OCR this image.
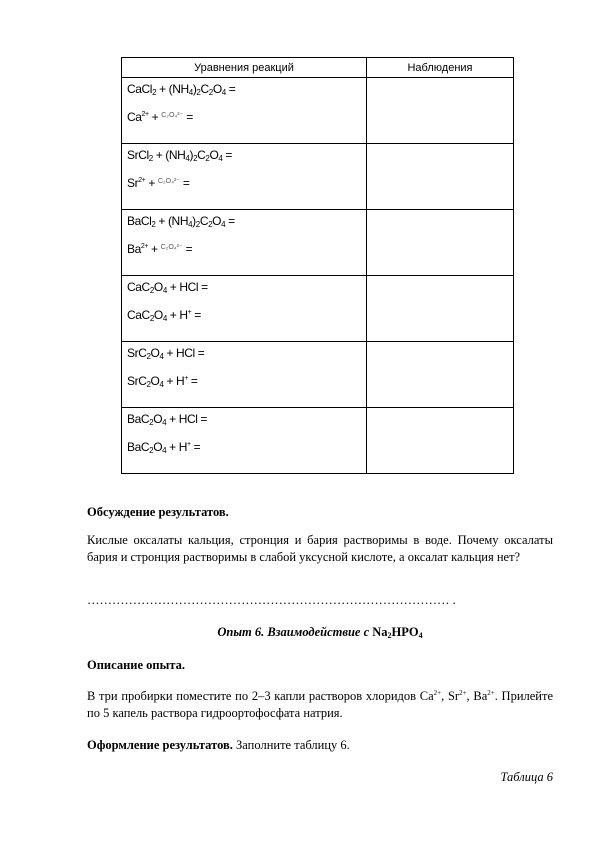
Уравнения реакций	Наблюдения

CaCl$_2$ + $(NH_4)_2C_2O_4$ =
$Ca^{2+} + ^{C_2O_4^{2-}}$ =	

SrCl$_2$ + $(NH_4)_2C_2O_4$ =
$Sr^{2+} + ^{C_2O_4^{2-}}$ =	

BaCl$_2$ + $(NH_4)_2C_2O_4$ =
$Ba^{2+} + ^{C_2O_4^{2-}}$ =	

$CaC_2O_4$ + HCl =
$CaC_2O_4 + H^+$ =	

$SrC_2O_4$ + HCl =
$SrC_2O_4 + H^+$ =	

$BaC_2O_4$ + HCl =
$BaC_2O_4 + H^+$ =	

Обсуждение результатов.

Кислые оксалаты кальция, стронция и бария растворимы в воде. Почему оксалаты бария и стронция растворимы в слабой уксусной кислоте, а оксалат кальция нет?

…………………………………………………………………………… .

Опыт 6. Взаимодействие с $Na_2HPO_4$

Описание опыта.

В три пробирки поместите по 2–3 капли растворов хлоридов $Ca^{2+}$, $Sr^{2+}$, $Ba^{2+}$. Прилейте по 5 капель раствора гидроортофосфата натрия.

Оформление результатов. Заполните таблицу 6.

Таблица 6
